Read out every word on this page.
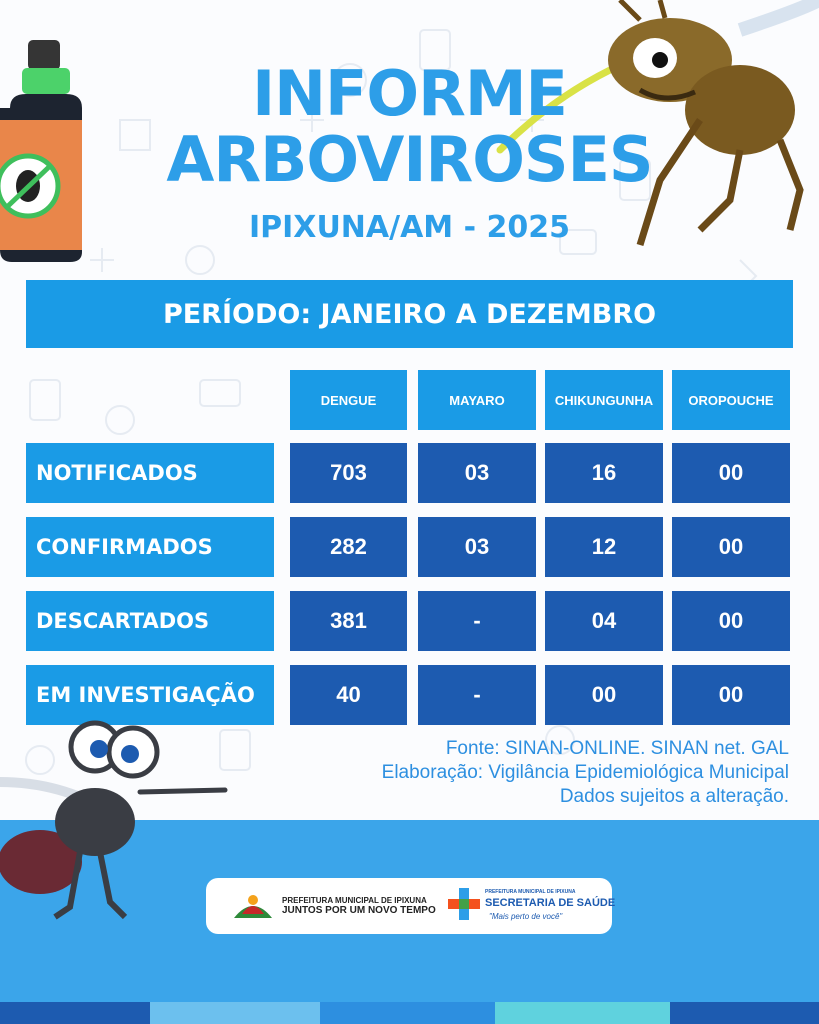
INFORME
ARBOVIROSES
IPIXUNA/AM - 2025
PERÍODO: JANEIRO A DEZEMBRO
DENGUE	MAYARO	CHIKUNGUNHA	OROPOUCHE
NOTIFICADOS	703	03	16	00
CONFIRMADOS	282	03	12	00
DESCARTADOS	381	-	04	00
EM INVESTIGAÇÃO	40	-	00	00
Fonte: SINAN-ONLINE. SINAN net. GAL
Elaboração: Vigilância Epidemiológica Municipal
Dados sujeitos a alteração.
PREFEITURA MUNICIPAL DE IPIXUNA
JUNTOS POR UM NOVO TEMPO
PREFEITURA MUNICIPAL DE IPIXUNA
SECRETARIA DE SAÚDE
"Mais perto de você"
